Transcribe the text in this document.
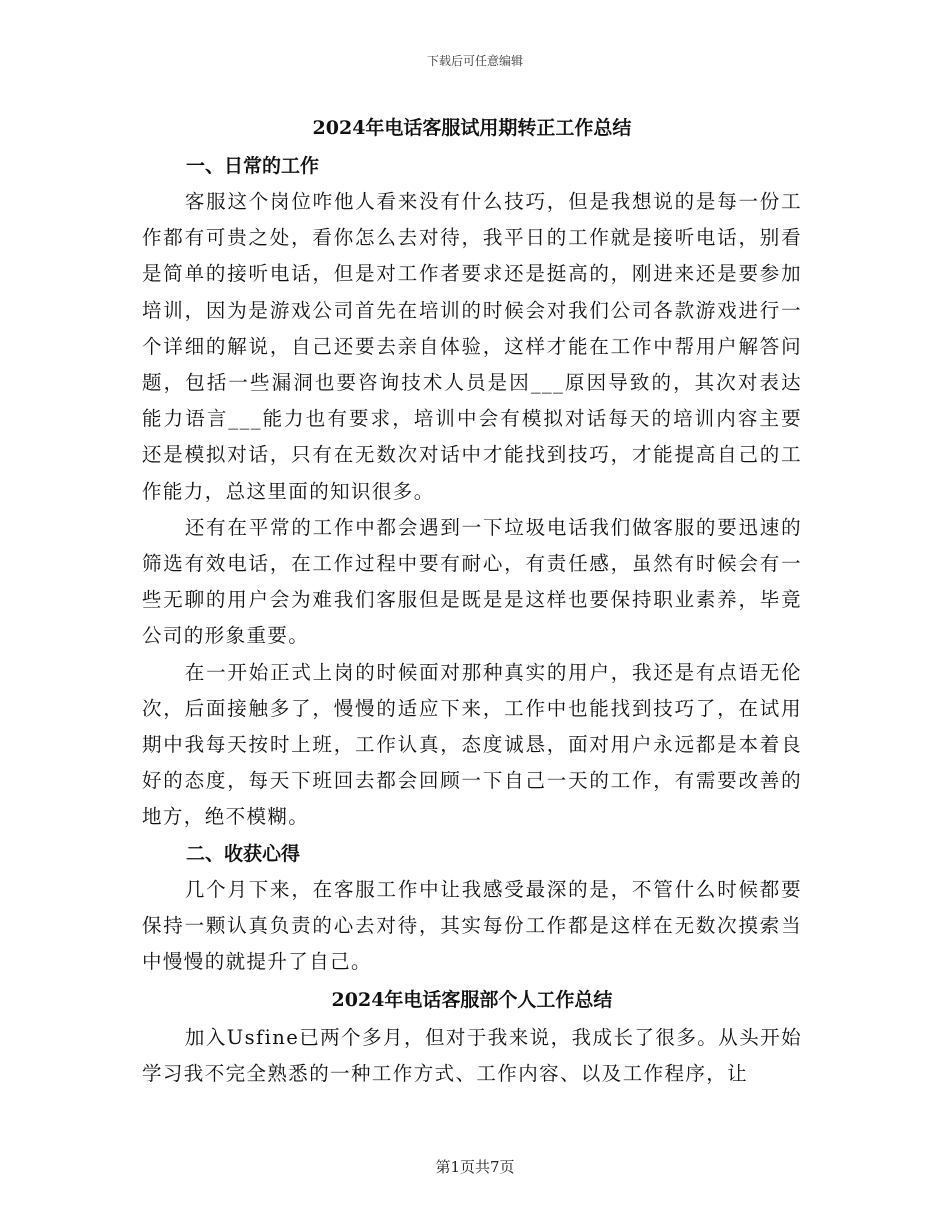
下载后可任意编辑
2024年电话客服试用期转正工作总结
一、日常的工作

客服这个岗位咋他人看来没有什么技巧，但是我想说的是每一份工作都有可贵之处，看你怎么去对待，我平日的工作就是接听电话，别看是简单的接听电话，但是对工作者要求还是挺高的，刚进来还是要参加培训，因为是游戏公司首先在培训的时候会对我们公司各款游戏进行一个详细的解说，自己还要去亲自体验，这样才能在工作中帮用户解答问题，包括一些漏洞也要咨询技术人员是因___原因导致的，其次对表达能力语言___能力也有要求，培训中会有模拟对话每天的培训内容主要还是模拟对话，只有在无数次对话中才能找到技巧，才能提高自己的工作能力，总这里面的知识很多。

还有在平常的工作中都会遇到一下垃圾电话我们做客服的要迅速的筛选有效电话，在工作过程中要有耐心，有责任感，虽然有时候会有一些无聊的用户会为难我们客服但是既是是这样也要保持职业素养，毕竟公司的形象重要。

在一开始正式上岗的时候面对那种真实的用户，我还是有点语无伦次，后面接触多了，慢慢的适应下来，工作中也能找到技巧了，在试用期中我每天按时上班，工作认真，态度诚恳，面对用户永远都是本着良好的态度，每天下班回去都会回顾一下自己一天的工作，有需要改善的地方，绝不模糊。

二、收获心得

几个月下来，在客服工作中让我感受最深的是，不管什么时候都要保持一颗认真负责的心去对待，其实每份工作都是这样在无数次摸索当中慢慢的就提升了自己。

2024年电话客服部个人工作总结

加入Usfine已两个多月，但对于我来说，我成长了很多。从头开始学习我不完全熟悉的一种工作方式、工作内容、以及工作程序，让

第1页共7页
